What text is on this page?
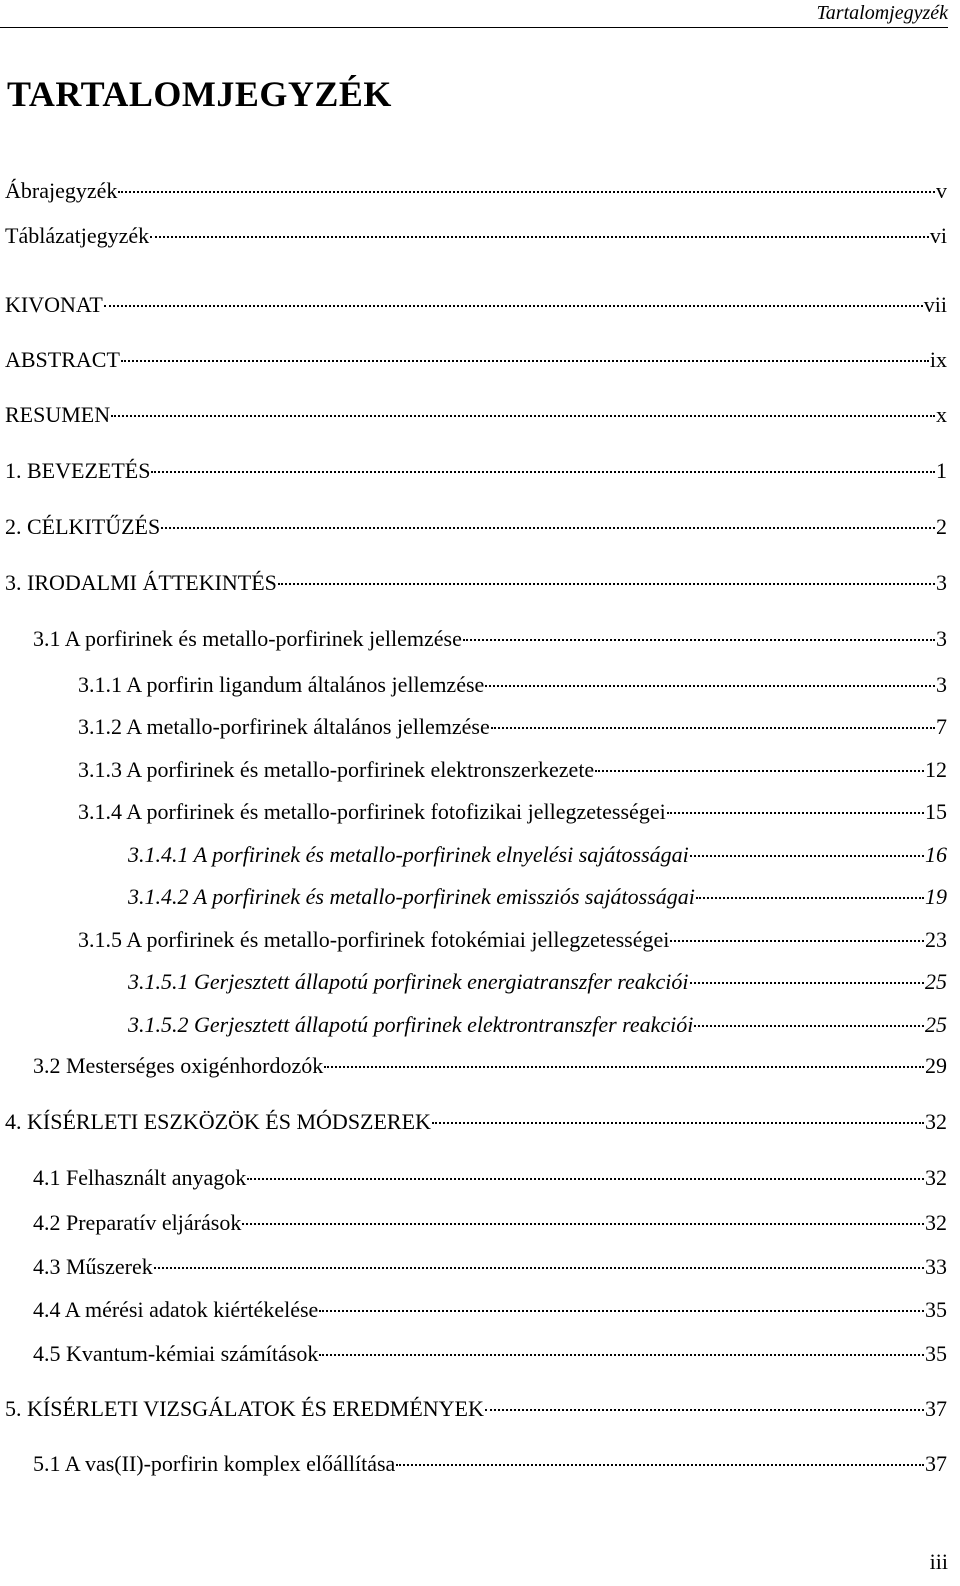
Tartalomjegyzék
TARTALOMJEGYZÉK
Ábrajegyzék	v
Táblázatjegyzék	vi
KIVONAT	vii
ABSTRACT	ix
RESUMEN	x
1. BEVEZETÉS	1
2. CÉLKITŰZÉS	2
3. IRODALMI ÁTTEKINTÉS	3
3.1 A porfirinek és metallo-porfirinek jellemzése	3
3.1.1 A porfirin ligandum általános jellemzése	3
3.1.2 A metallo-porfirinek általános jellemzése	7
3.1.3 A porfirinek és metallo-porfirinek elektronszerkezete	12
3.1.4 A porfirinek és metallo-porfirinek fotofizikai jellegzetességei	15
3.1.4.1 A porfirinek és metallo-porfirinek elnyelési sajátosságai	16
3.1.4.2 A porfirinek és metallo-porfirinek emissziós sajátosságai	19
3.1.5 A porfirinek és metallo-porfirinek fotokémiai jellegzetességei	23
3.1.5.1 Gerjesztett állapotú porfirinek energiatranszfer reakciói	25
3.1.5.2 Gerjesztett állapotú porfirinek elektrontranszfer reakciói	25
3.2 Mesterséges oxigénhordozók	29
4. KÍSÉRLETI ESZKÖZÖK ÉS MÓDSZEREK	32
4.1 Felhasznált anyagok	32
4.2 Preparatív eljárások	32
4.3 Műszerek	33
4.4 A mérési adatok kiértékelése	35
4.5 Kvantum-kémiai számítások	35
5. KÍSÉRLETI VIZSGÁLATOK ÉS EREDMÉNYEK	37
5.1 A vas(II)-porfirin komplex előállítása	37
iii
